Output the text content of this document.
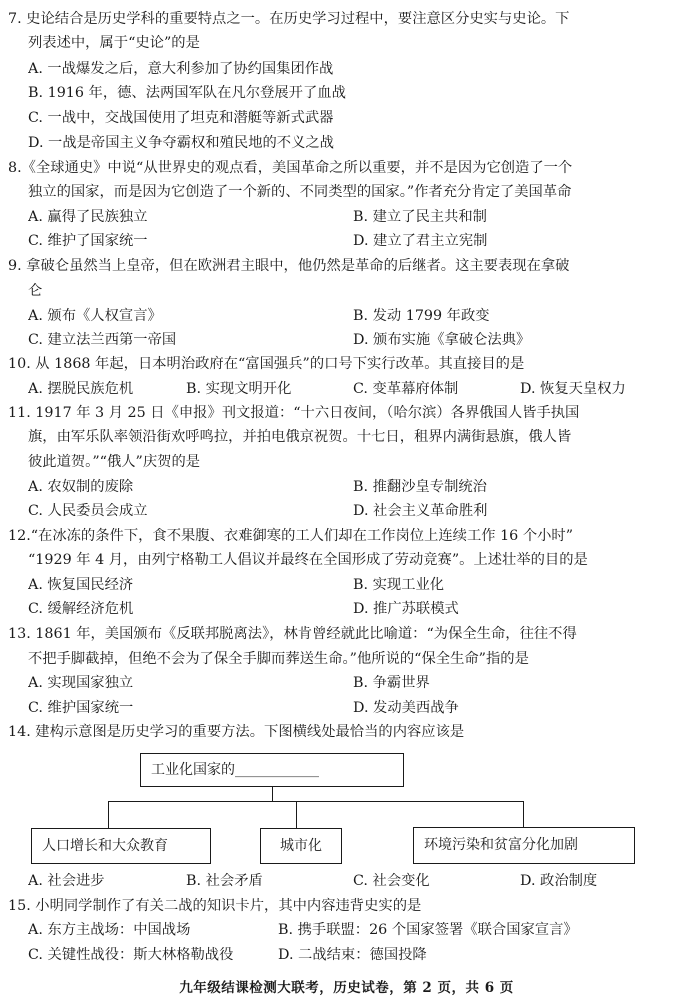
7. 史论结合是历史学科的重要特点之一。在历史学习过程中，要注意区分史实与史论。下
列表述中，属于“史论”的是
A. 一战爆发之后，意大利参加了协约国集团作战
B. 1916 年，德、法两国军队在凡尔登展开了血战
C. 一战中，交战国使用了坦克和潜艇等新式武器
D. 一战是帝国主义争夺霸权和殖民地的不义之战
8.《全球通史》中说“从世界史的观点看，美国革命之所以重要，并不是因为它创造了一个
独立的国家，而是因为它创造了一个新的、不同类型的国家。”作者充分肯定了美国革命
A. 赢得了民族独立	B. 建立了民主共和制
C. 维护了国家统一	D. 建立了君主立宪制
9. 拿破仑虽然当上皇帝，但在欧洲君主眼中，他仍然是革命的后继者。这主要表现在拿破
仑
A. 颁布《人权宣言》	B. 发动 1799 年政变
C. 建立法兰西第一帝国	D. 颁布实施《拿破仑法典》
10. 从 1868 年起，日本明治政府在“富国强兵”的口号下实行改革。其直接目的是
A. 摆脱民族危机	B. 实现文明开化	C. 变革幕府体制	D. 恢复天皇权力
11. 1917 年 3 月 25 日《申报》刊文报道：“十六日夜间，（哈尔滨）各界俄国人皆手执国
旗，由军乐队率领沿街欢呼鸣拉，并拍电俄京祝贺。十七日，租界内满街悬旗，俄人皆
彼此道贺。”“俄人”庆贺的是
A. 农奴制的废除	B. 推翻沙皇专制统治
C. 人民委员会成立	D. 社会主义革命胜利
12.“在冰冻的条件下，食不果腹、衣难御寒的工人们却在工作岗位上连续工作 16 个小时”
“1929 年 4 月，由列宁格勒工人倡议并最终在全国形成了劳动竞赛”。上述壮举的目的是
A. 恢复国民经济	B. 实现工业化
C. 缓解经济危机	D. 推广苏联模式
13. 1861 年，美国颁布《反联邦脱离法》，林肯曾经就此比喻道：“为保全生命，往往不得
不把手脚截掉，但绝不会为了保全手脚而葬送生命。”他所说的“保全生命”指的是
A. 实现国家独立	B. 争霸世界
C. 维护国家统一	D. 发动美西战争
14. 建构示意图是历史学习的重要方法。下图横线处最恰当的内容应该是
工业化国家的____________
人口增长和大众教育	城市化	环境污染和贫富分化加剧
A. 社会进步	B. 社会矛盾	C. 社会变化	D. 政治制度
15. 小明同学制作了有关二战的知识卡片，其中内容违背史实的是
A. 东方主战场：中国战场	B. 携手联盟：26 个国家签署《联合国家宣言》
C. 关键性战役：斯大林格勒战役	D. 二战结束：德国投降
九年级结课检测大联考，历史试卷，第 2 页，共 6 页
